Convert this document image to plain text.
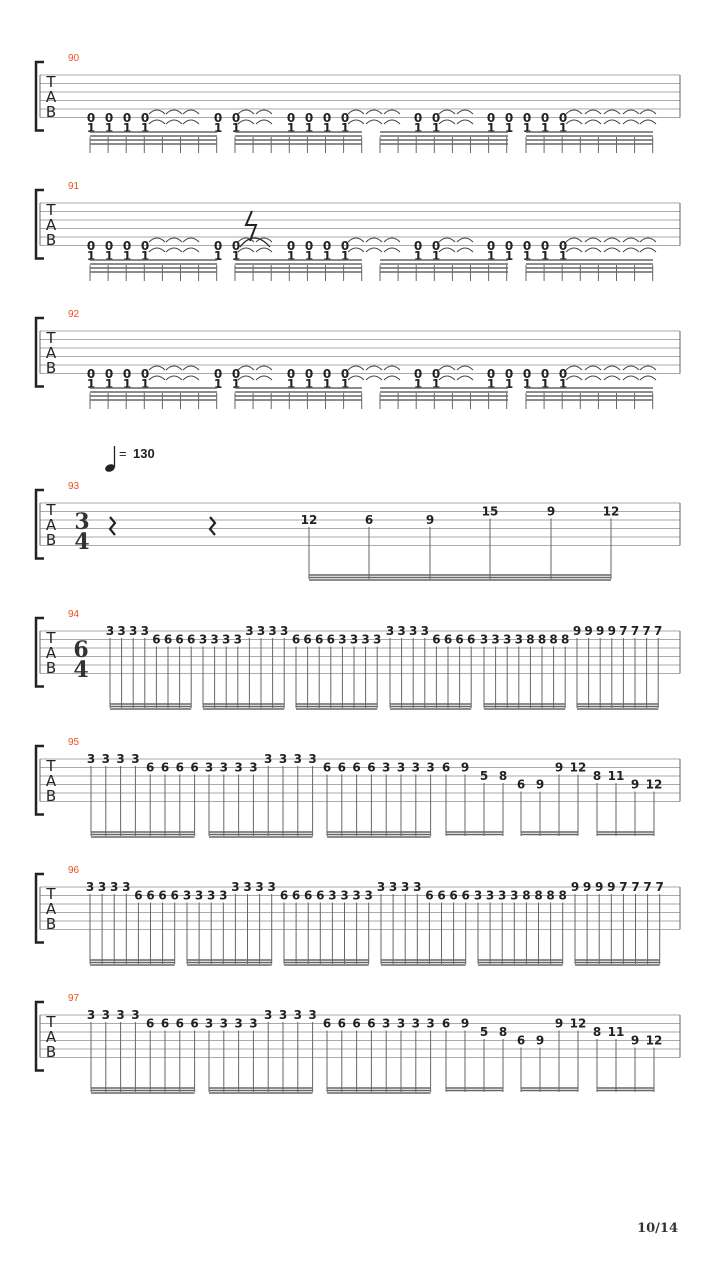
T
A
B
90
0
1
0
1
0
1
0
1
0
1
0
1
0
1
0
1
0
1
0
1
0
1
0
1
0
1
0
1
0
1
0
1
0
1
T
A
B
91
0
1
0
1
0
1
0
1
0
1
0
1
0
1
0
1
0
1
0
1
0
1
0
1
0
1
0
1
0
1
0
1
0
1
T
A
B
92
0
1
0
1
0
1
0
1
0
1
0
1
0
1
0
1
0
1
0
1
0
1
0
1
0
1
0
1
0
1
0
1
0
1
T
A
B
93
3
4
12	6	9
15	9	12
T
A
B
94
6
4
3 3 3 3
6 6 6 6 3 3 3 3
3 3 3 3
6 6 6 6 3 3 3 3
3 3 3 3
6 6 6 6 3 3 3 3 8 8 8 8
9 9 9 9 7 7 7 7
T
A
B
95
3 3 3 3
6 6 6 6 3 3 3 3
3 3 3 3
6 6 6 6 3 3 3 3 6 9
5 8
6 9
9 12
8 11
9 12
T
A
B
96
3 3 3 3
6 6 6 6 3 3 3 3
3 3 3 3
6 6 6 6 3 3 3 3
3 3 3 3
6 6 6 6 3 3 3 3 8 8 8 8
9 9 9 9 7 7 7 7
T
A
B
97
3 3 3 3
6 6 6 6 3 3 3 3
3 3 3 3
6 6 6 6 3 3 3 3 6 9
5 8
6 9
9 12
8 11
9 12
= 130
10/14
